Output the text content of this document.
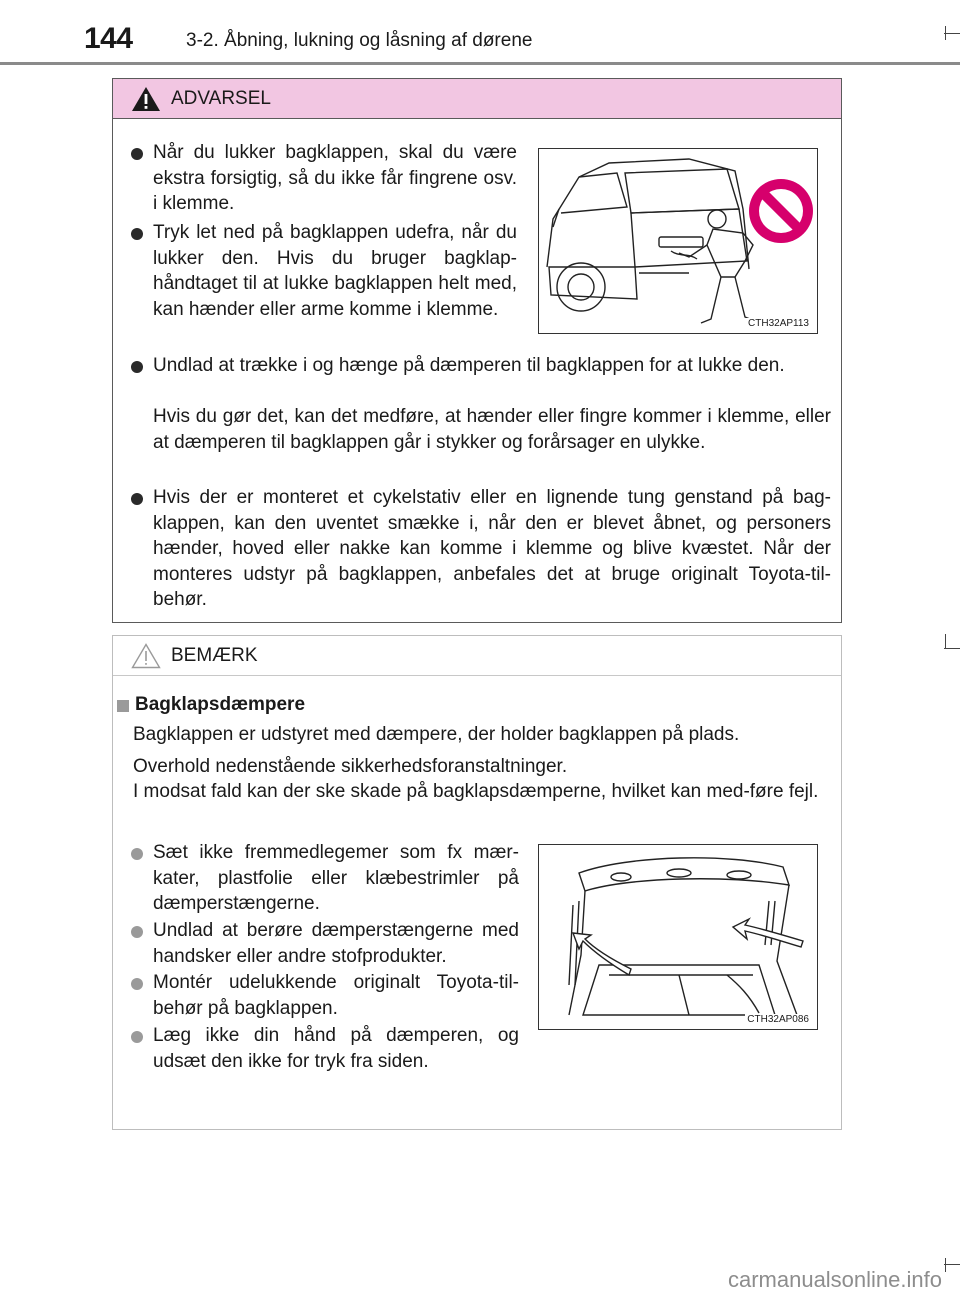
144	3-2. Åbning, lukning og låsning af dørene
ADVARSEL
Når du lukker bagklappen, skal du være ekstra forsigtig, så du ikke får fingrene osv. i klemme.
Tryk let ned på bagklappen udefra, når du lukker den. Hvis du bruger bagklap-håndtaget til at lukke bagklappen helt med, kan hænder eller arme komme i klemme.
CTH32AP113
Undlad at trække i og hænge på dæmperen til bagklappen for at lukke den.
Hvis du gør det, kan det medføre, at hænder eller fingre kommer i klemme, eller at dæmperen til bagklappen går i stykker og forårsager en ulykke.
Hvis der er monteret et cykelstativ eller en lignende tung genstand på bag-klappen, kan den uventet smække i, når den er blevet åbnet, og personers hænder, hoved eller nakke kan komme i klemme og blive kvæstet. Når der monteres udstyr på bagklappen, anbefales det at bruge originalt Toyota-til-behør.
BEMÆRK
Bagklapsdæmpere
Bagklappen er udstyret med dæmpere, der holder bagklappen på plads.
Overhold nedenstående sikkerhedsforanstaltninger.
I modsat fald kan der ske skade på bagklapsdæmperne, hvilket kan med-føre fejl.
Sæt ikke fremmedlegemer som fx mær-kater, plastfolie eller klæbestrimler på dæmperstængerne.
Undlad at berøre dæmperstængerne med handsker eller andre stofprodukter.
Montér udelukkende originalt Toyota-til-behør på bagklappen.
Læg ikke din hånd på dæmperen, og udsæt den ikke for tryk fra siden.
CTH32AP086
carmanualsonline.info
